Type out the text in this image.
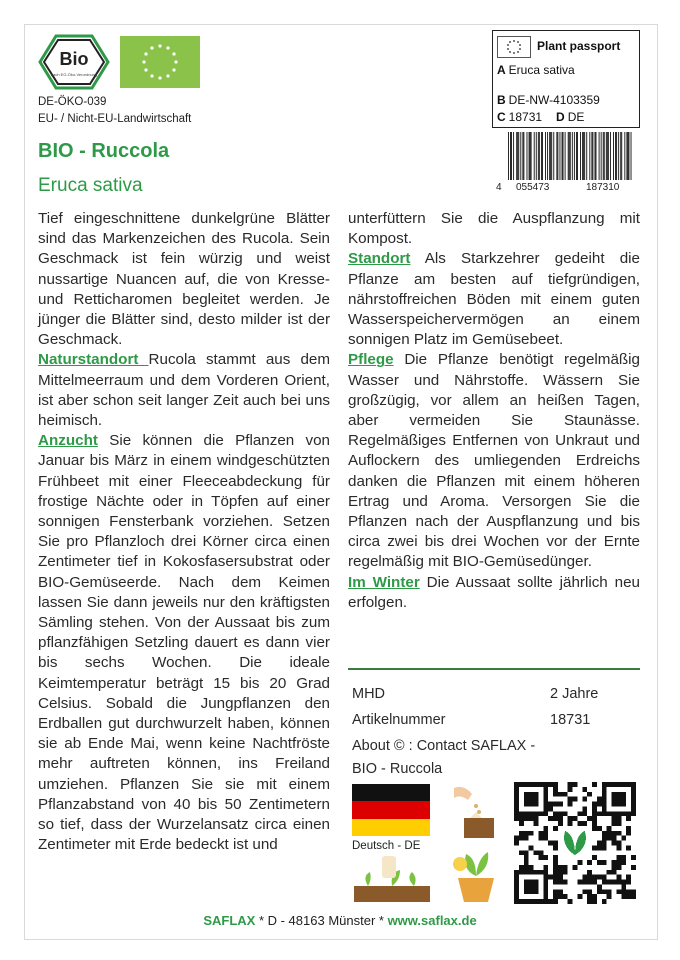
Bio
nach EG-Öko-Verordnung
DE-ÖKO-039
EU- / Nicht-EU-Landwirtschaft
BIO - Ruccola
Eruca sativa
Plant passport
A Eruca sativa
B DE-NW-4103359
C 18731 D DE
4 055473	187310

Tief eingeschnittene dunkelgrüne Blätter sind das Markenzeichen des Rucola. Sein Geschmack ist fein würzig und weist nussartige Nuancen auf, die von Kresse- und Retticharomen begleitet werden. Je jünger die Blätter sind, desto milder ist der Geschmack.

Naturstandort Rucola stammt aus dem Mittelmeerraum und dem Vorderen Orient, ist aber schon seit langer Zeit auch bei uns heimisch.

Anzucht Sie können die Pflanzen von Januar bis März in einem windgeschützten Frühbeet mit einer Fleeceabdeckung für frostige Nächte oder in Töpfen auf einer sonnigen Fensterbank vorziehen. Setzen Sie pro Pflanzloch drei Körner circa einen Zentimeter tief in Kokosfasersubstrat oder BIO-Gemüseerde. Nach dem Keimen lassen Sie dann jeweils nur den kräftigsten Sämling stehen. Von der Aussaat bis zum pflanzfähigen Setzling dauert es dann vier bis sechs Wochen. Die ideale Keimtemperatur beträgt 15 bis 20 Grad Celsius. Sobald die Jungpflanzen den Erdballen gut durchwurzelt haben, können sie ab Ende Mai, wenn keine Nachtfröste mehr auftreten können, ins Freiland umziehen. Pflanzen Sie sie mit einem Pflanzabstand von 40 bis 50 Zentimetern so tief, dass der Wurzelansatz circa einen Zentimeter mit Erde bedeckt ist und

unterfüttern Sie die Auspflanzung mit Kompost.

Standort Als Starkzehrer gedeiht die Pflanze am besten auf tiefgründigen, nährstoffreichen Böden mit einem guten Wasserspeichervermögen an einem sonnigen Platz im Gemüsebeet.

Pflege Die Pflanze benötigt regelmäßig Wasser und Nährstoffe. Wässern Sie großzügig, vor allem an heißen Tagen, aber vermeiden Sie Staunässe. Regelmäßiges Entfernen von Unkraut und Auflockern des umliegenden Erdreichs danken die Pflanzen mit einem höheren Ertrag und Aroma. Versorgen Sie die Pflanzen nach der Auspflanzung und bis circa zwei bis drei Wochen vor der Ernte regelmäßig mit BIO-Gemüsedünger.

Im Winter Die Aussaat sollte jährlich neu erfolgen.

MHD	2 Jahre
Artikelnummer	18731
About © : Contact SAFLAX -
BIO - Ruccola
Deutsch - DE
SAFLAX * D - 48163 Münster * www.saflax.de
